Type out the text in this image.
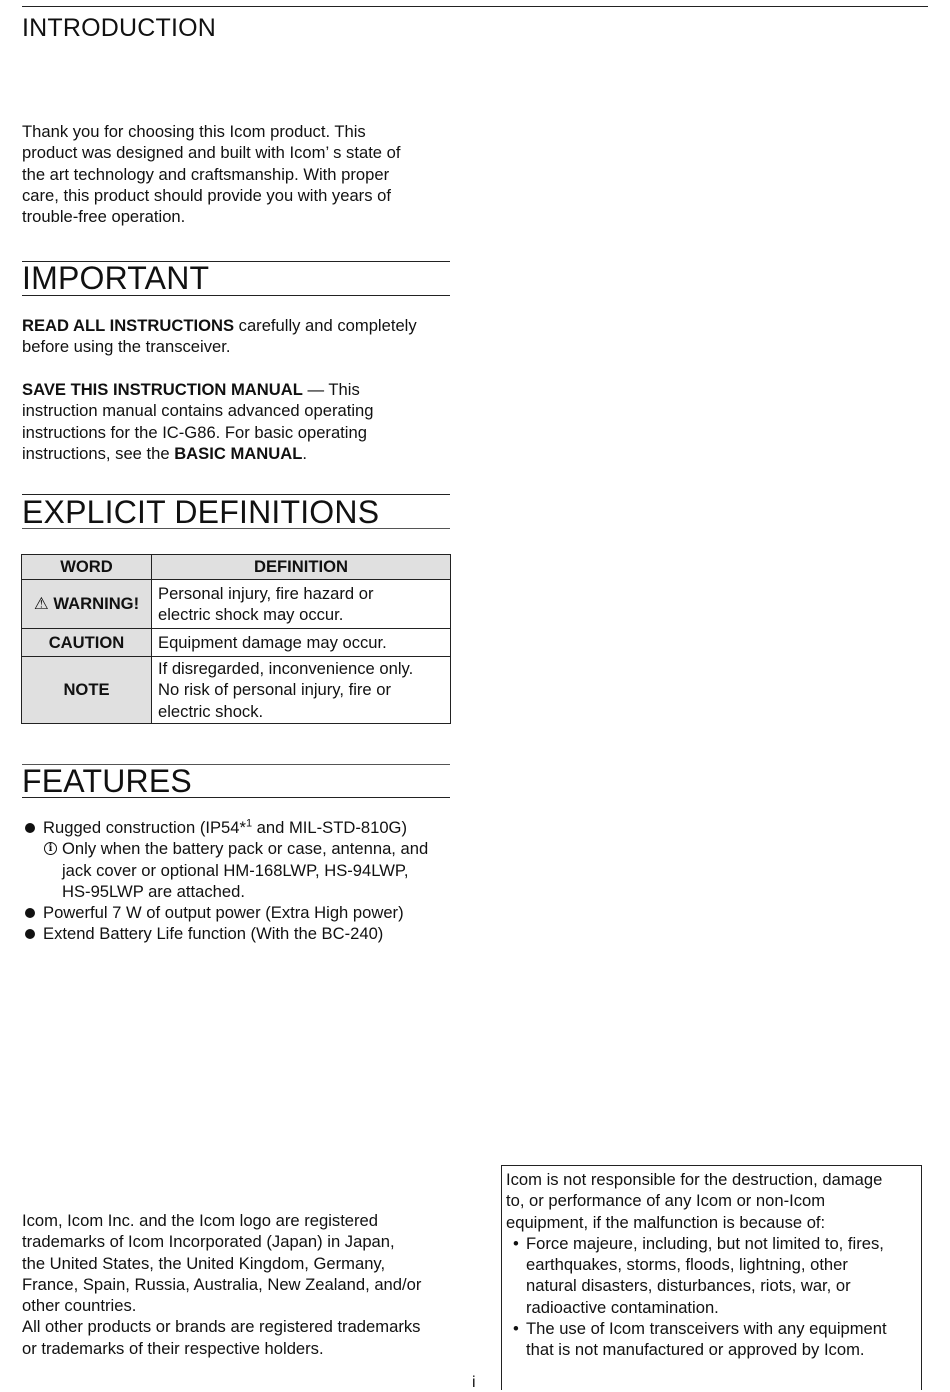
INTRODUCTION
Thank you for choosing this Icom product. This
product was designed and built with Icom’ s state of
the art technology and craftsmanship. With proper
care, this product should provide you with years of
trouble-free operation.
IMPORTANT
READ ALL INSTRUCTIONS carefully and completely
before using the transceiver.
SAVE THIS INSTRUCTION MANUAL — This
instruction manual contains advanced operating
instructions for the IC-G86. For basic operating
instructions, see the BASIC MANUAL.
EXPLICIT DEFINITIONS
WORD	DEFINITION
⚠ WARNING!	Personal injury, fire hazard or
electric shock may occur.

CAUTION	Equipment damage may occur.

NOTE	If disregarded, inconvenience only.
No risk of personal injury, fire or
electric shock.
FEATURES
Rugged construction (IP54*$^1$ and MIL-STD-810G)
i Only when the battery pack or case, antenna, and
jack cover or optional HM-168LWP, HS-94LWP,
HS-95LWP are attached.
Powerful 7 W of output power (Extra High power)
Extend Battery Life function (With the BC-240)
Icom, Icom Inc. and the Icom logo are registered
trademarks of Icom Incorporated (Japan) in Japan,
the United States, the United Kingdom, Germany,
France, Spain, Russia, Australia, New Zealand, and/or
other countries.
All other products or brands are registered trademarks
or trademarks of their respective holders.
Icom is not responsible for the destruction, damage
to, or performance of any Icom or non-Icom
equipment, if the malfunction is because of:
• Force majeure, including, but not limited to, fires,
earthquakes, storms, floods, lightning, other
natural disasters, disturbances, riots, war, or
radioactive contamination.
• The use of Icom transceivers with any equipment
that is not manufactured or approved by Icom.
i
